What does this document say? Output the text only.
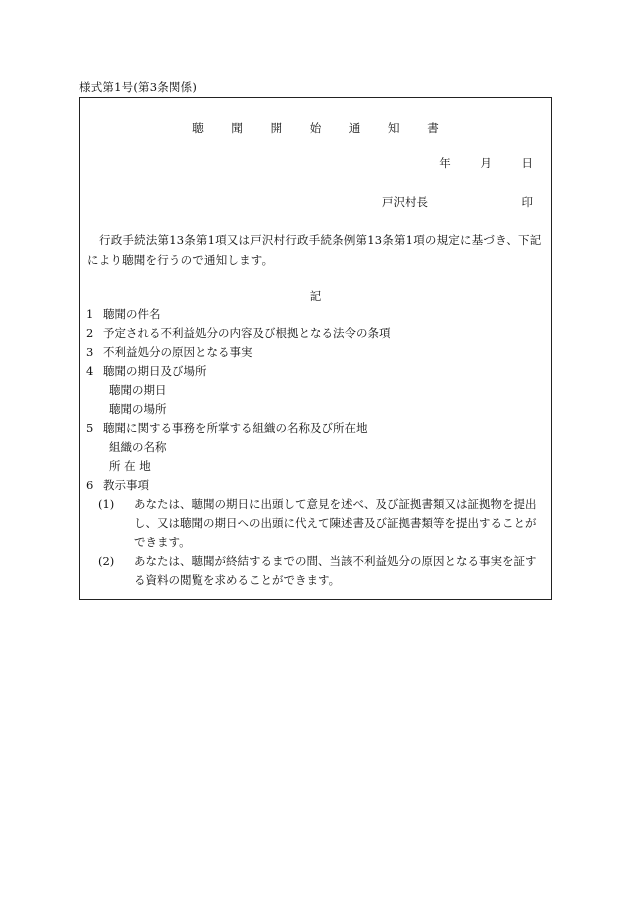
様式第1号(第3条関係)
聴 聞 開 始 通 知 書
年	月	日
戸沢村長	印
行政手続法第13条第1項又は戸沢村行政手続条例第13条第1項の規定に基づき、下記により聴聞を行うので通知します。
記
1 聴聞の件名
2 予定される不利益処分の内容及び根拠となる法令の条項
3 不利益処分の原因となる事実
4 聴聞の期日及び場所
聴聞の期日
聴聞の場所
5 聴聞に関する事務を所掌する組織の名称及び所在地
組織の名称
所 在 地
6 教示事項
(1)	あなたは、聴聞の期日に出頭して意見を述べ、及び証拠書類又は証拠物を提出し、又は聴聞の期日への出頭に代えて陳述書及び証拠書類等を提出することができます。
(2)	あなたは、聴聞が終結するまでの間、当該不利益処分の原因となる事実を証する資料の閲覧を求めることができます。
